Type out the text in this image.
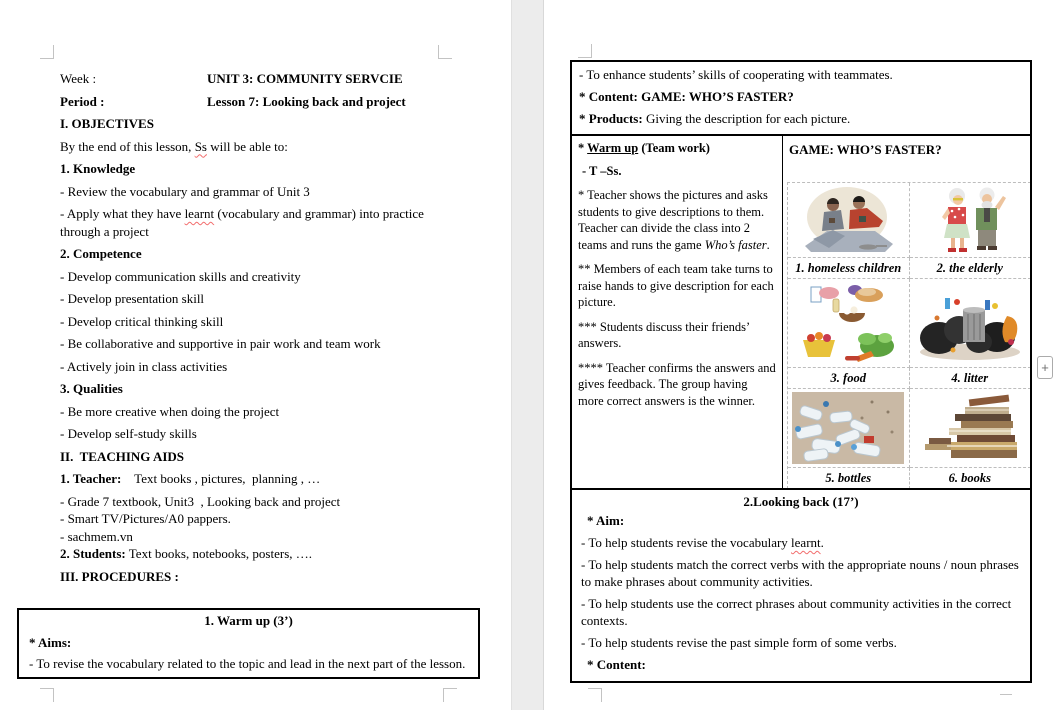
Week :	UNIT 3: COMMUNITY SERVCIE
Period :	Lesson 7: Looking back and project

I. OBJECTIVES

By the end of this lesson, Ss will be able to:

1. Knowledge

- Review the vocabulary and grammar of Unit 3

- Apply what they have learnt (vocabulary and grammar) into practice through a project

2. Competence

- Develop communication skills and creativity

- Develop presentation skill

- Develop critical thinking skill

- Be collaborative and supportive in pair work and team work

- Actively join in class activities

3. Qualities

- Be more creative when doing the project

- Develop self-study skills

II.  TEACHING AIDS

1. Teacher:    Text books , pictures,  planning , …

- Grade 7 textbook, Unit3  , Looking back and project

- Smart TV/Pictures/A0 pappers.

- sachmem.vn

2. Students: Text books, notebooks, posters, ….

III. PROCEDURES :

1. Warm up (3’)

* Aims:

- To revise the vocabulary related to the topic and lead in the next part of the lesson.

- To enhance students’ skills of cooperating with teammates.

* Content: GAME: WHO’S FASTER?

* Products: Giving the description for each picture.

* Warm up (Team work)

- T –Ss.

* Teacher shows the pictures and asks students to give descriptions to them. Teacher can divide the class into 2 teams and runs the game Who’s faster.

** Members of each team take turns to raise hands to give description for each picture.

*** Students discuss their friends’ answers.

**** Teacher confirms the answers and gives feedback. The group having more correct answers is the winner.

GAME: WHO’S FASTER?
1. homeless children	2. the elderly
3. food	4. litter
5. bottles	6. books

2.Looking back (17’)

* Aim:

- To help students revise the vocabulary learnt.

- To help students match the correct verbs with the appropriate nouns / noun phrases to make phrases about community activities.

- To help students use the correct phrases about community activities in the correct contexts.

- To help students revise the past simple form of some verbs.

* Content:

+
